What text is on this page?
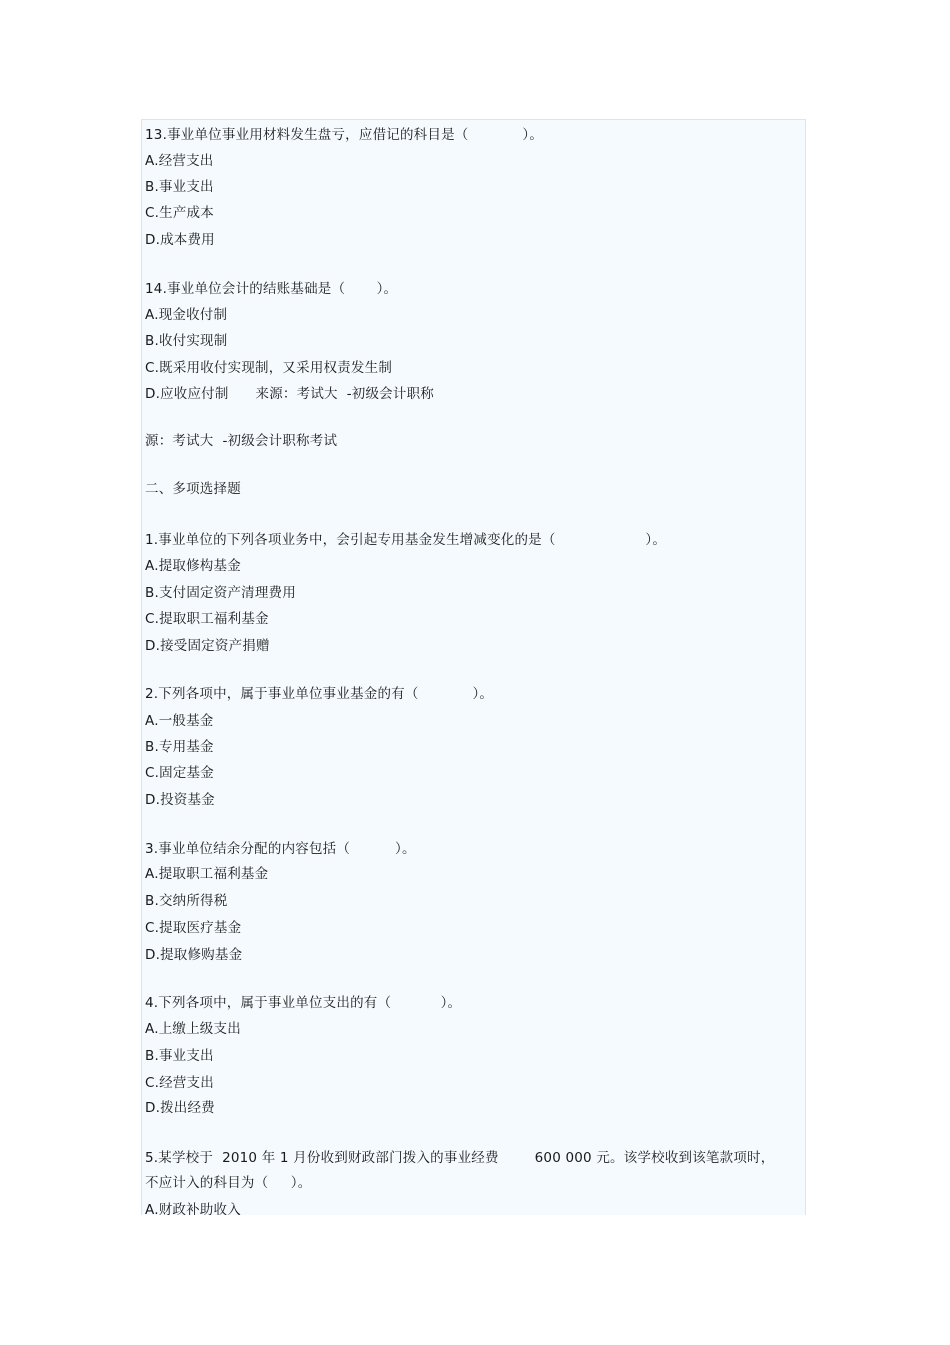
13.事业单位事业用材料发生盘亏，应借记的科目是（            ）。
A.经营支出
B.事业支出
C.生产成本
D.成本费用
14.事业单位会计的结账基础是（       ）。
A.现金收付制
B.收付实现制
C.既采用收付实现制，又采用权责发生制
D.应收应付制      来源：考试大  -初级会计职称
源：考试大  -初级会计职称考试
二、多项选择题
1.事业单位的下列各项业务中，会引起专用基金发生增减变化的是（                    ）。
A.提取修构基金
B.支付固定资产清理费用
C.提取职工福利基金
D.接受固定资产捐赠
2.下列各项中，属于事业单位事业基金的有（            ）。
A.一般基金
B.专用基金
C.固定基金
D.投资基金
3.事业单位结余分配的内容包括（          ）。
A.提取职工福利基金
B.交纳所得税
C.提取医疗基金
D.提取修购基金
4.下列各项中，属于事业单位支出的有（           ）。
A.上缴上级支出
B.事业支出
C.经营支出
D.拨出经费
5.某学校于  2010 年 1 月份收到财政部门拨入的事业经费        600 000 元。该学校收到该笔款项时，
不应计入的科目为（     ）。
A.财政补助收入
